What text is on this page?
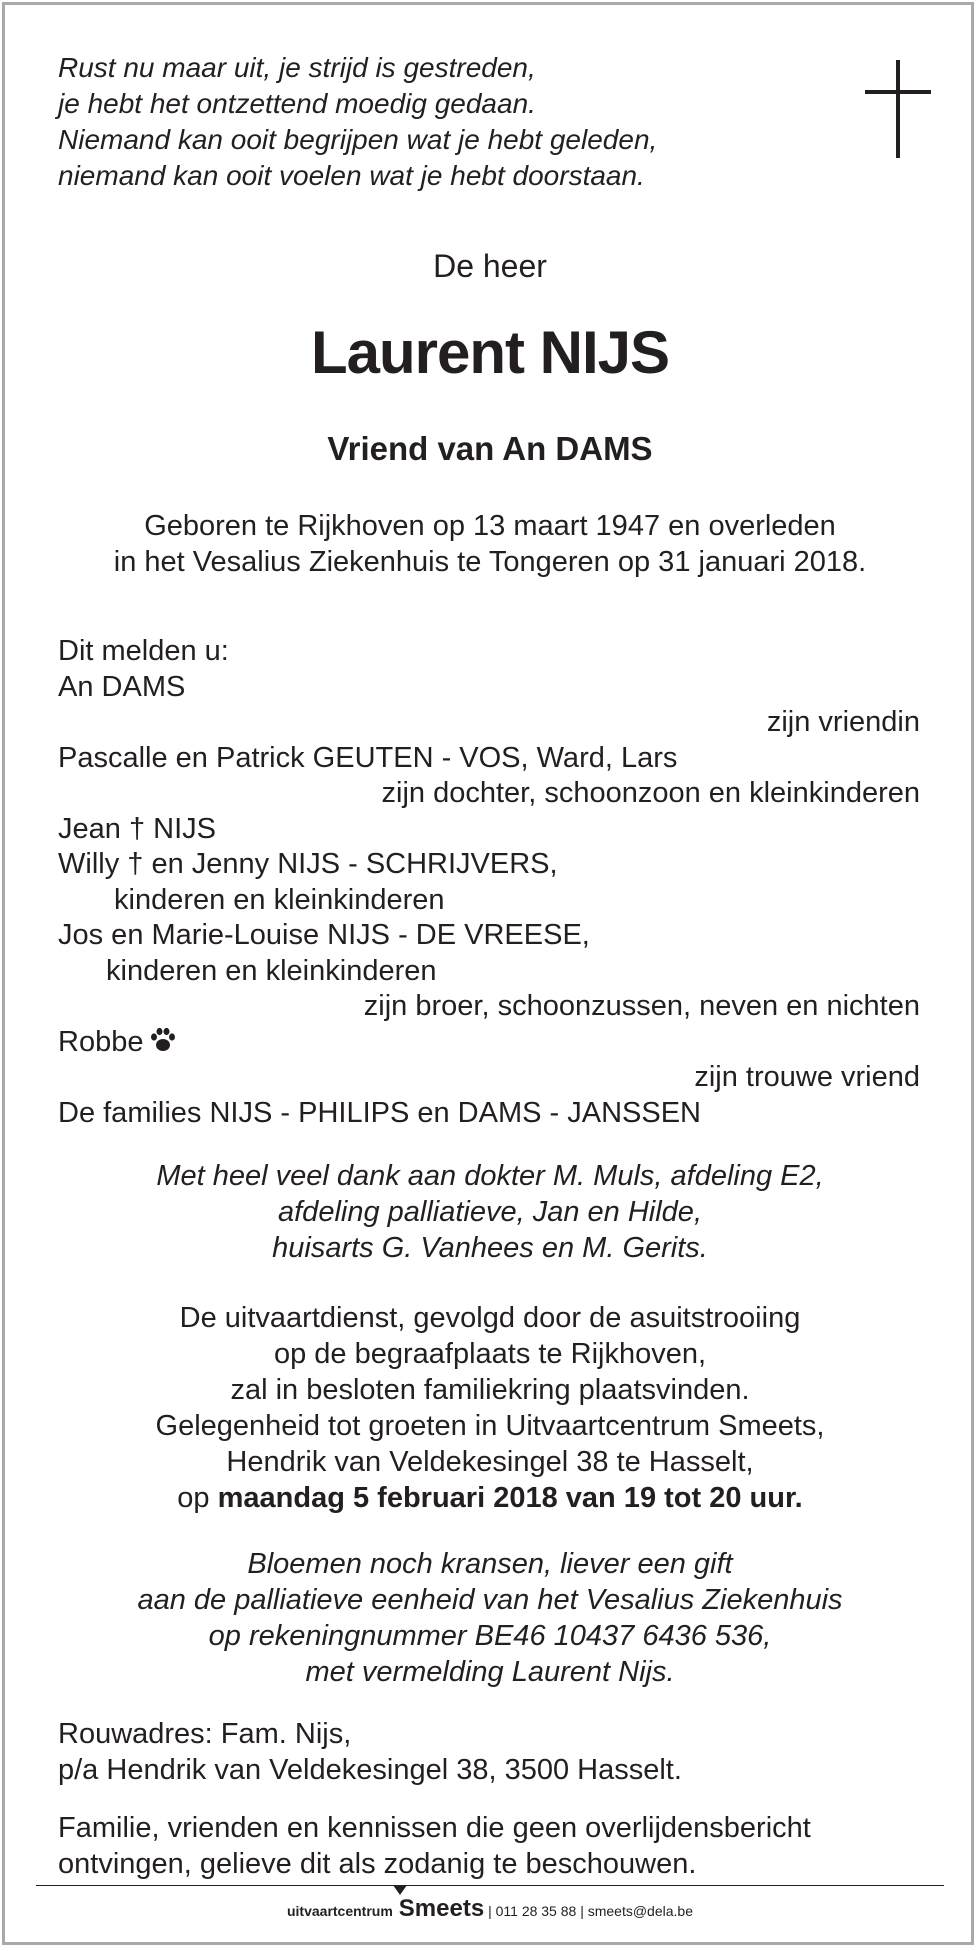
Rust nu maar uit, je strijd is gestreden,
je hebt het ontzettend moedig gedaan.
Niemand kan ooit begrijpen wat je hebt geleden,
niemand kan ooit voelen wat je hebt doorstaan.
De heer
Laurent NIJS
Vriend van An DAMS
Geboren te Rijkhoven op 13 maart 1947 en overleden
in het Vesalius Ziekenhuis te Tongeren op 31 januari 2018.
Dit melden u:
An DAMS
zijn vriendin
Pascalle en Patrick GEUTEN - VOS, Ward, Lars
zijn dochter, schoonzoon en kleinkinderen
Jean † NIJS
Willy † en Jenny NIJS - SCHRIJVERS,
kinderen en kleinkinderen
Jos en Marie-Louise NIJS - DE VREESE,
kinderen en kleinkinderen
zijn broer, schoonzussen, neven en nichten
Robbe
zijn trouwe vriend
De families NIJS - PHILIPS en DAMS - JANSSEN
Met heel veel dank aan dokter M. Muls, afdeling E2,
afdeling palliatieve, Jan en Hilde,
huisarts G. Vanhees en M. Gerits.
De uitvaartdienst, gevolgd door de asuitstrooiing
op de begraafplaats te Rijkhoven,
zal in besloten familiekring plaatsvinden.
Gelegenheid tot groeten in Uitvaartcentrum Smeets,
Hendrik van Veldekesingel 38 te Hasselt,
op maandag 5 februari 2018 van 19 tot 20 uur.
Bloemen noch kransen, liever een gift
aan de palliatieve eenheid van het Vesalius Ziekenhuis
op rekeningnummer BE46 10437 6436 536,
met vermelding Laurent Nijs.
Rouwadres: Fam. Nijs,
p/a Hendrik van Veldekesingel 38, 3500 Hasselt.
Familie, vrienden en kennissen die geen overlijdensbericht
ontvingen, gelieve dit als zodanig te beschouwen.
uitvaartcentrum Smeets | 011 28 35 88 | smeets@dela.be
